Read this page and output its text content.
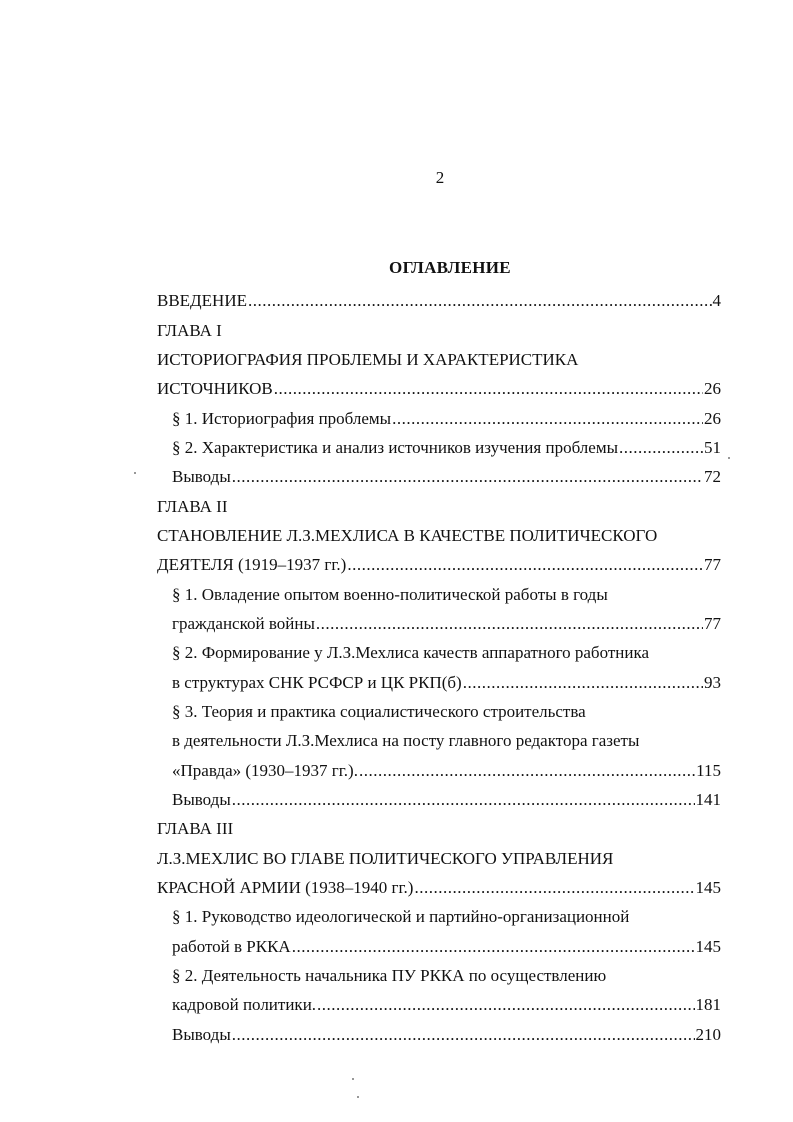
2
ОГЛАВЛЕНИЕ
ВВЕДЕНИЕ .....	4
ГЛАВА I
ИСТОРИОГРАФИЯ ПРОБЛЕМЫ И ХАРАКТЕРИСТИКА
ИСТОЧНИКОВ .....	26
§ 1. Историография проблемы .....	26
§ 2. Характеристика и анализ источников изучения проблемы .....	51
Выводы .....	72
ГЛАВА II
СТАНОВЛЕНИЕ Л.З.МЕХЛИСА В КАЧЕСТВЕ ПОЛИТИЧЕСКОГО
ДЕЯТЕЛЯ (1919–1937 гг.) .....	77
§ 1. Овладение опытом военно-политической работы в годы
гражданской войны .....	77
§ 2. Формирование у Л.З.Мехлиса качеств аппаратного работника
в структурах СНК РСФСР и ЦК РКП(б) .....	93
§ 3. Теория и практика социалистического строительства
в деятельности Л.З.Мехлиса на посту главного редактора газеты
«Правда» (1930–1937 гг.). .....	115
Выводы .....	141
ГЛАВА III
Л.З.МЕХЛИС ВО ГЛАВЕ ПОЛИТИЧЕСКОГО УПРАВЛЕНИЯ
КРАСНОЙ АРМИИ (1938–1940 гг.) .....	145
§ 1. Руководство идеологической и партийно-организационной
работой в РККА .....	145
§ 2. Деятельность начальника ПУ РККА по осуществлению
кадровой политики. .....	181
Выводы .....	210
